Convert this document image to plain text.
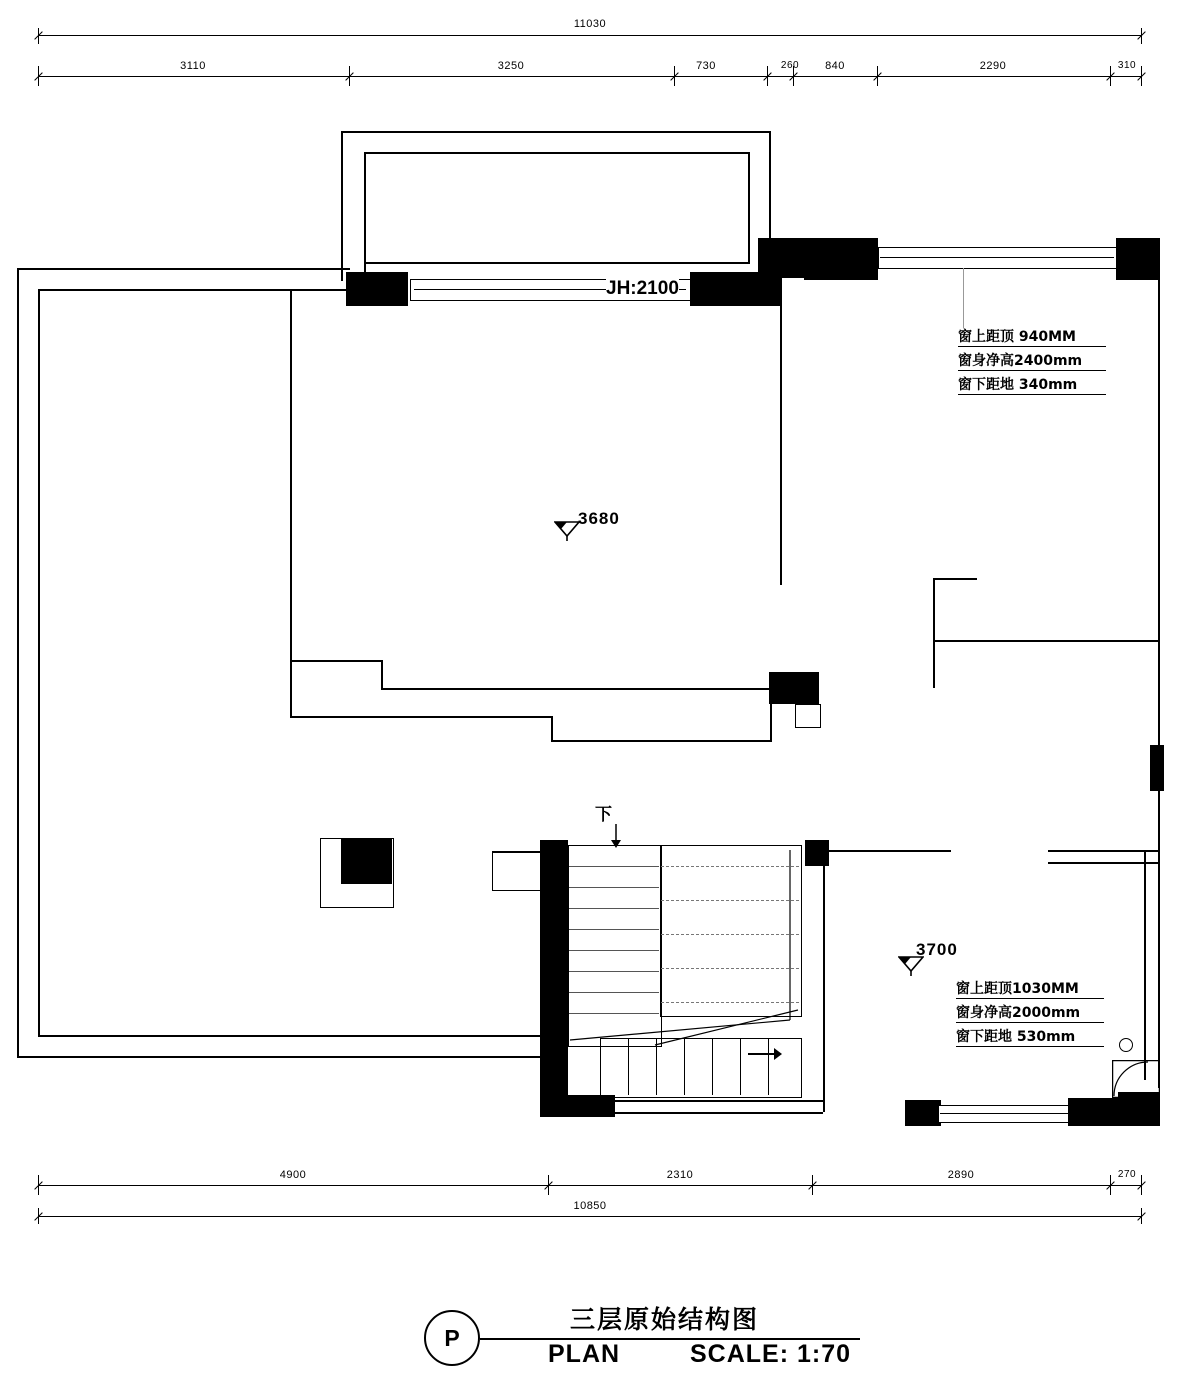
11030
3110	3250	730	260	840	2290	310
JH:2100
下
3680
3700
窗上距顶 940MM
窗身净高2400mm
窗下距地 340mm
窗上距顶1030MM
窗身净高2000mm
窗下距地 530mm
4900	2310	2890	270
10850
P
三层原始结构图
PLAN	SCALE: 1:70
